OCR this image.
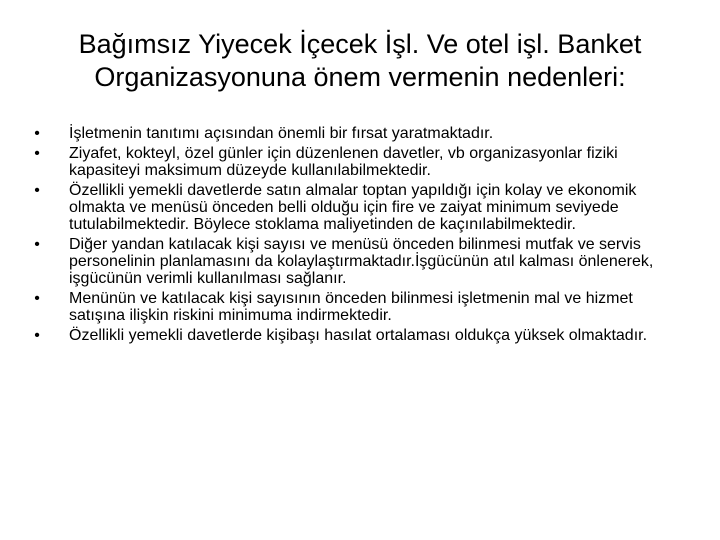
Bağımsız Yiyecek İçecek İşl. Ve otel işl. Banket
Organizasyonuna önem vermenin nedenleri:
• İşletmenin tanıtımı açısından önemli bir fırsat yaratmaktadır.
• Ziyafet, kokteyl, özel günler için düzenlenen davetler, vb organizasyonlar fiziki kapasiteyi maksimum düzeyde kullanılabilmektedir.
• Özellikli yemekli davetlerde satın almalar toptan yapıldığı için kolay ve ekonomik olmakta ve menüsü önceden belli olduğu için fire ve zaiyat minimum seviyede tutulabilmektedir. Böylece stoklama maliyetinden de kaçınılabilmektedir.
• Diğer yandan katılacak kişi sayısı ve menüsü önceden bilinmesi mutfak ve servis personelinin planlamasını da kolaylaştırmaktadır.İşgücünün atıl kalması önlenerek, işgücünün verimli kullanılması sağlanır.
• Menünün ve katılacak kişi sayısının önceden bilinmesi işletmenin mal ve hizmet satışına ilişkin riskini minimuma indirmektedir.
• Özellikli yemekli davetlerde kişibaşı hasılat ortalaması oldukça yüksek olmaktadır.
